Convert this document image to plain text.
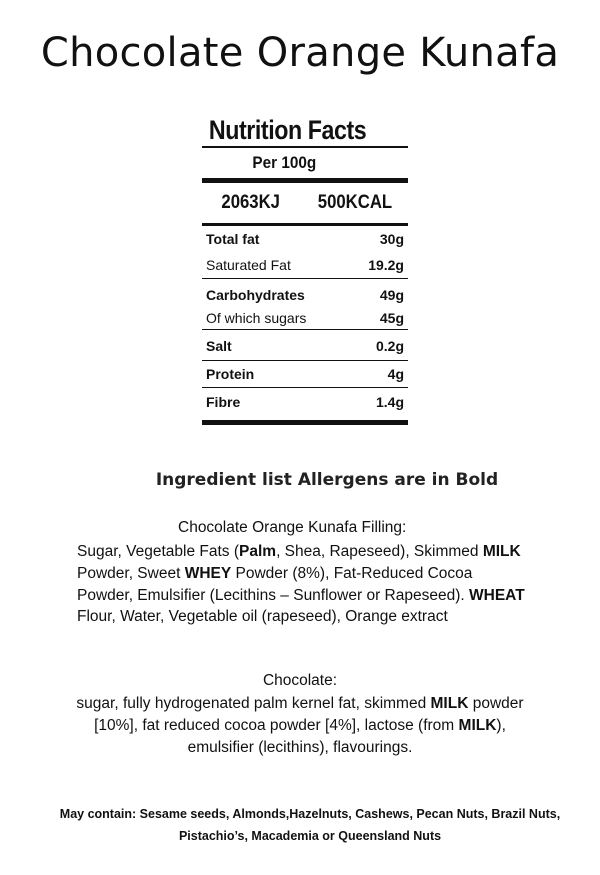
Chocolate Orange Kunafa
Nutrition Facts
Per 100g
2063KJ 500KCAL
Total fat	30g
Saturated Fat	19.2g
Carbohydrates	49g
Of which sugars	45g
Salt	0.2g
Protein	4g
Fibre	1.4g
Ingredient list Allergens are in Bold
Chocolate Orange Kunafa Filling:
Sugar, Vegetable Fats (Palm, Shea, Rapeseed), Skimmed MILK Powder, Sweet WHEY Powder (8%), Fat-Reduced Cocoa Powder, Emulsifier (Lecithins – Sunflower or Rapeseed). WHEAT Flour, Water, Vegetable oil (rapeseed), Orange extract
Chocolate:
sugar, fully hydrogenated palm kernel fat, skimmed MILK powder [10%], fat reduced cocoa powder [4%], lactose (from MILK), emulsifier (lecithins), flavourings.
May contain: Sesame seeds, Almonds,Hazelnuts, Cashews, Pecan Nuts, Brazil Nuts, Pistachio’s, Macademia or Queensland Nuts
